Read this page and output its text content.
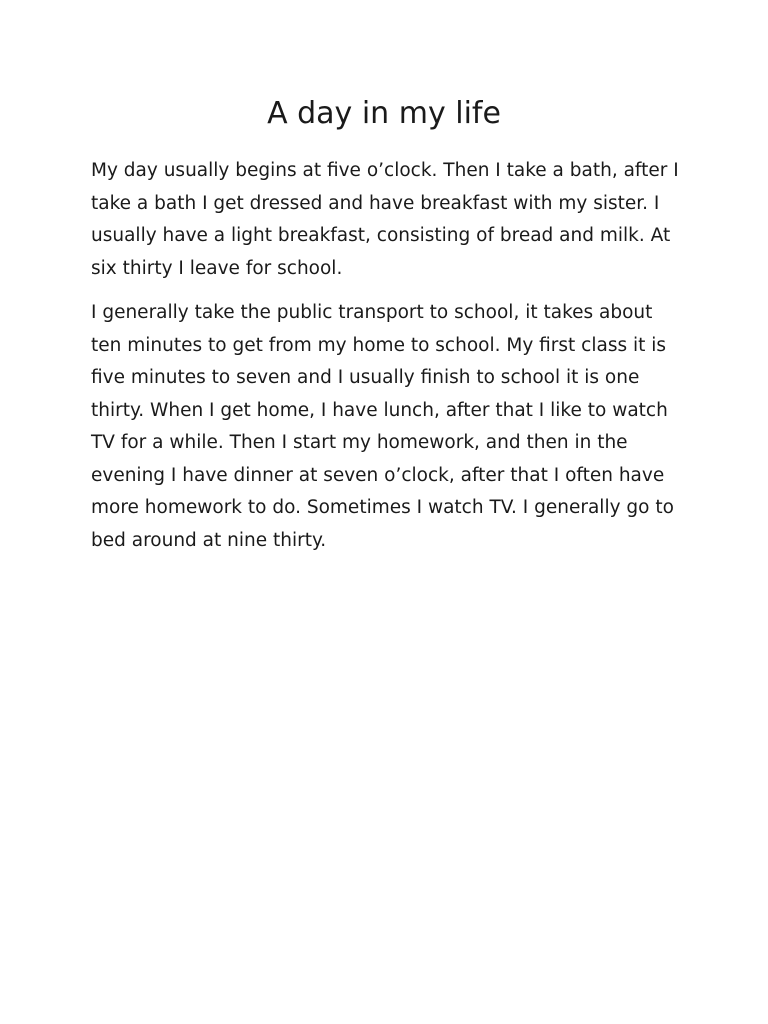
A day in my life

My day usually begins at five o’clock. Then I take a bath, after I
take a bath I get dressed and have breakfast with my sister. I
usually have a light breakfast, consisting of bread and milk. At
six thirty I leave for school.

I generally take the public transport to school, it takes about
ten minutes to get from my home to school. My first class it is
five minutes to seven and I usually finish to school it is one
thirty. When I get home, I have lunch, after that I like to watch
TV for a while. Then I start my homework, and then in the
evening I have dinner at seven o’clock, after that I often have
more homework to do. Sometimes I watch TV. I generally go to
bed around at nine thirty.
